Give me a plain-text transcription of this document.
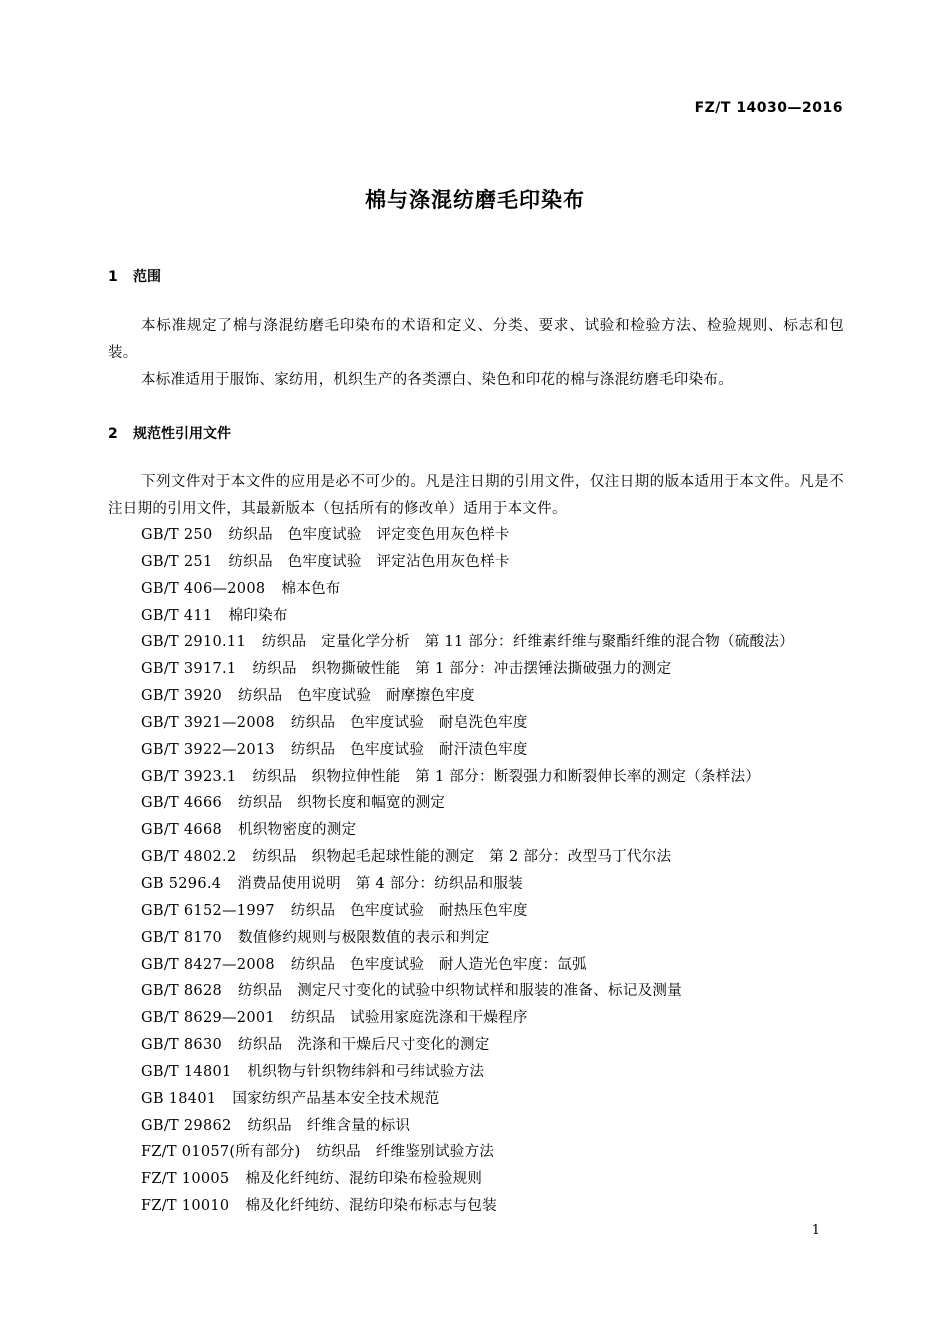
FZ/T 14030—2016
棉与涤混纺磨毛印染布
1 范围
本标准规定了棉与涤混纺磨毛印染布的术语和定义、分类、要求、试验和检验方法、检验规则、标志和包装。
本标准适用于服饰、家纺用，机织生产的各类漂白、染色和印花的棉与涤混纺磨毛印染布。
2 规范性引用文件
下列文件对于本文件的应用是必不可少的。凡是注日期的引用文件，仅注日期的版本适用于本文件。凡是不注日期的引用文件，其最新版本（包括所有的修改单）适用于本文件。
GB/T 250 纺织品　色牢度试验　评定变色用灰色样卡
GB/T 251 纺织品　色牢度试验　评定沾色用灰色样卡
GB/T 406—2008 棉本色布
GB/T 411 棉印染布
GB/T 2910.11 纺织品　定量化学分析　第 11 部分：纤维素纤维与聚酯纤维的混合物（硫酸法）
GB/T 3917.1 纺织品　织物撕破性能　第 1 部分：冲击摆锤法撕破强力的测定
GB/T 3920 纺织品　色牢度试验　耐摩擦色牢度
GB/T 3921—2008 纺织品　色牢度试验　耐皂洗色牢度
GB/T 3922—2013 纺织品　色牢度试验　耐汗渍色牢度
GB/T 3923.1 纺织品　织物拉伸性能　第 1 部分：断裂强力和断裂伸长率的测定（条样法）
GB/T 4666 纺织品　织物长度和幅宽的测定
GB/T 4668 机织物密度的测定
GB/T 4802.2 纺织品　织物起毛起球性能的测定　第 2 部分：改型马丁代尔法
GB 5296.4 消费品使用说明　第 4 部分：纺织品和服装
GB/T 6152—1997 纺织品　色牢度试验　耐热压色牢度
GB/T 8170 数值修约规则与极限数值的表示和判定
GB/T 8427—2008 纺织品　色牢度试验　耐人造光色牢度：氙弧
GB/T 8628 纺织品　测定尺寸变化的试验中织物试样和服装的准备、标记及测量
GB/T 8629—2001 纺织品　试验用家庭洗涤和干燥程序
GB/T 8630 纺织品　洗涤和干燥后尺寸变化的测定
GB/T 14801 机织物与针织物纬斜和弓纬试验方法
GB 18401 国家纺织产品基本安全技术规范
GB/T 29862 纺织品　纤维含量的标识
FZ/T 01057(所有部分) 纺织品　纤维鉴别试验方法
FZ/T 10005 棉及化纤纯纺、混纺印染布检验规则
FZ/T 10010 棉及化纤纯纺、混纺印染布标志与包装
1
